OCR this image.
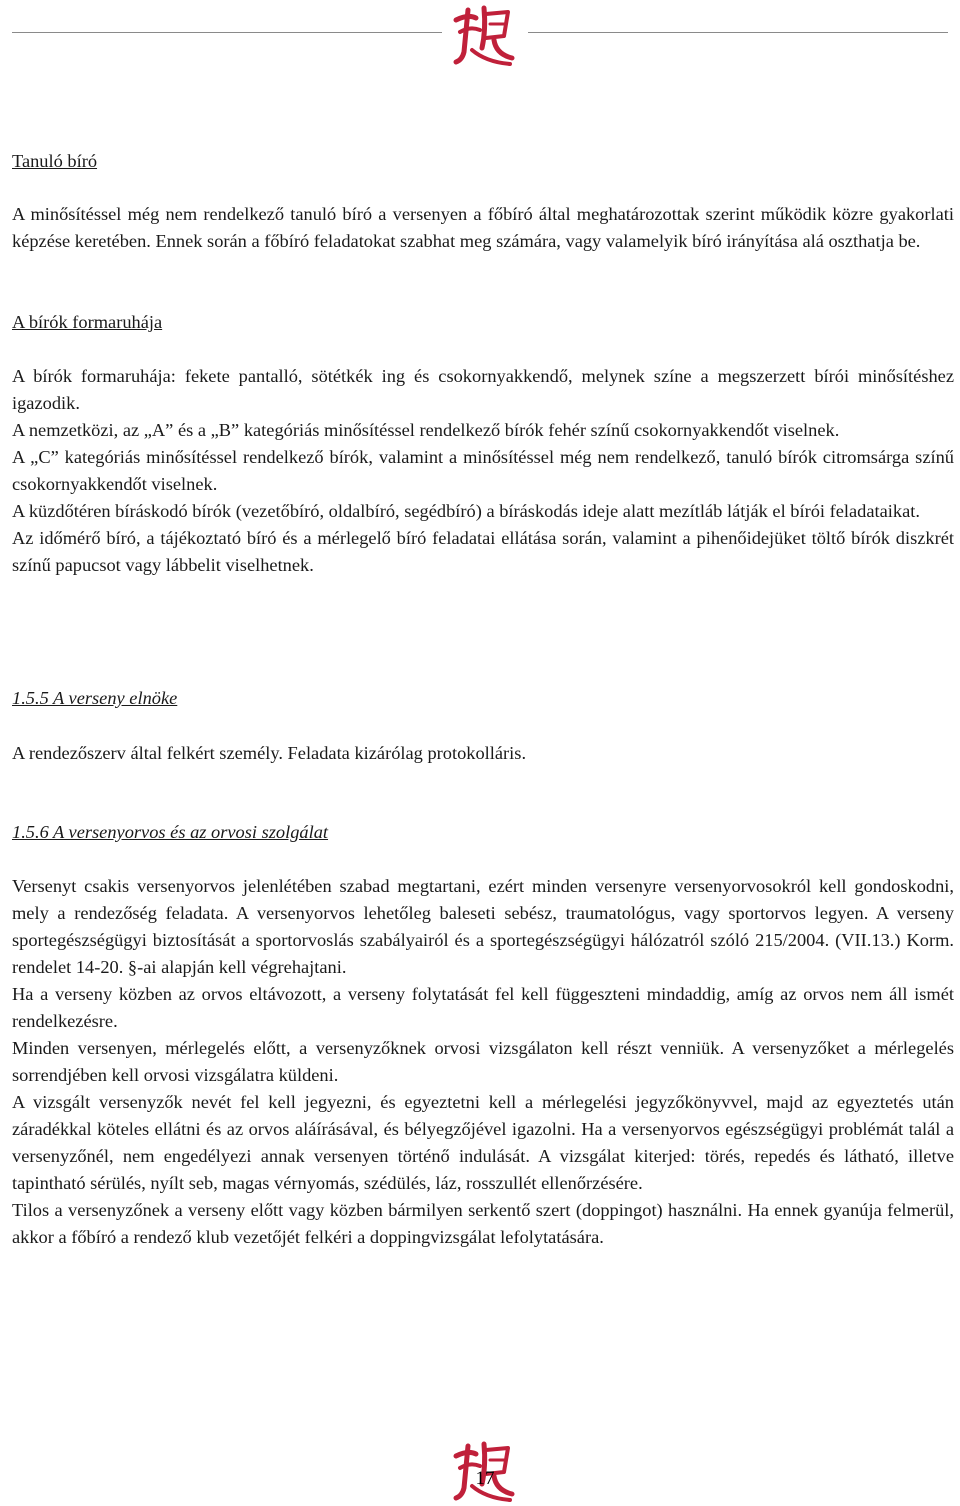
Tanuló bíró

A minősítéssel még nem rendelkező tanuló bíró a versenyen a főbíró által meghatározottak szerint működik közre gyakorlati képzése keretében. Ennek során a főbíró feladatokat szabhat meg számára, vagy valamelyik bíró irányítása alá oszthatja be.

A bírók formaruhája

A bírók formaruhája: fekete pantalló, sötétkék ing és csokornyakkendő, melynek színe a megszerzett bírói minősítéshez igazodik.

A nemzetközi, az „A” és a „B” kategóriás minősítéssel rendelkező bírók fehér színű csokornyakkendőt viselnek.

A „C” kategóriás minősítéssel rendelkező bírók, valamint a minősítéssel még nem rendelkező, tanuló bírók citromsárga színű csokornyakkendőt viselnek.

A küzdőtéren bíráskodó bírók (vezetőbíró, oldalbíró, segédbíró) a bíráskodás ideje alatt mezítláb látják el bírói feladataikat.

Az időmérő bíró, a tájékoztató bíró és a mérlegelő bíró feladatai ellátása során, valamint a pihenőidejüket töltő bírók diszkrét színű papucsot vagy lábbelit viselhetnek.

1.5.5 A verseny elnöke

A rendezőszerv által felkért személy. Feladata kizárólag protokolláris.

1.5.6 A versenyorvos és az orvosi szolgálat

Versenyt csakis versenyorvos jelenlétében szabad megtartani, ezért minden versenyre versenyorvosokról kell gondoskodni, mely a rendezőség feladata. A versenyorvos lehetőleg baleseti sebész, traumatológus, vagy sportorvos legyen. A verseny sportegészségügyi biztosítását a sportorvoslás szabályairól és a sportegészségügyi hálózatról szóló 215/2004. (VII.13.) Korm. rendelet 14-20. §-ai alapján kell végrehajtani.

Ha a verseny közben az orvos eltávozott, a verseny folytatását fel kell függeszteni mindaddig, amíg az orvos nem áll ismét rendelkezésre.

Minden versenyen, mérlegelés előtt, a versenyzőknek orvosi vizsgálaton kell részt venniük. A versenyzőket a mérlegelés sorrendjében kell orvosi vizsgálatra küldeni.

A vizsgált versenyzők nevét fel kell jegyezni, és egyeztetni kell a mérlegelési jegyzőkönyvvel, majd az egyeztetés után záradékkal köteles ellátni és az orvos aláírásával, és bélyegzőjével igazolni. Ha a versenyorvos egészségügyi problémát talál a versenyzőnél, nem engedélyezi annak versenyen történő indulását. A vizsgálat kiterjed: törés, repedés és látható, illetve tapintható sérülés, nyílt seb, magas vérnyomás, szédülés, láz, rosszullét ellenőrzésére.

Tilos a versenyzőnek a verseny előtt vagy közben bármilyen serkentő szert (doppingot) használni. Ha ennek gyanúja felmerül, akkor a főbíró a rendező klub vezetőjét felkéri a doppingvizsgálat lefolytatására.

17
